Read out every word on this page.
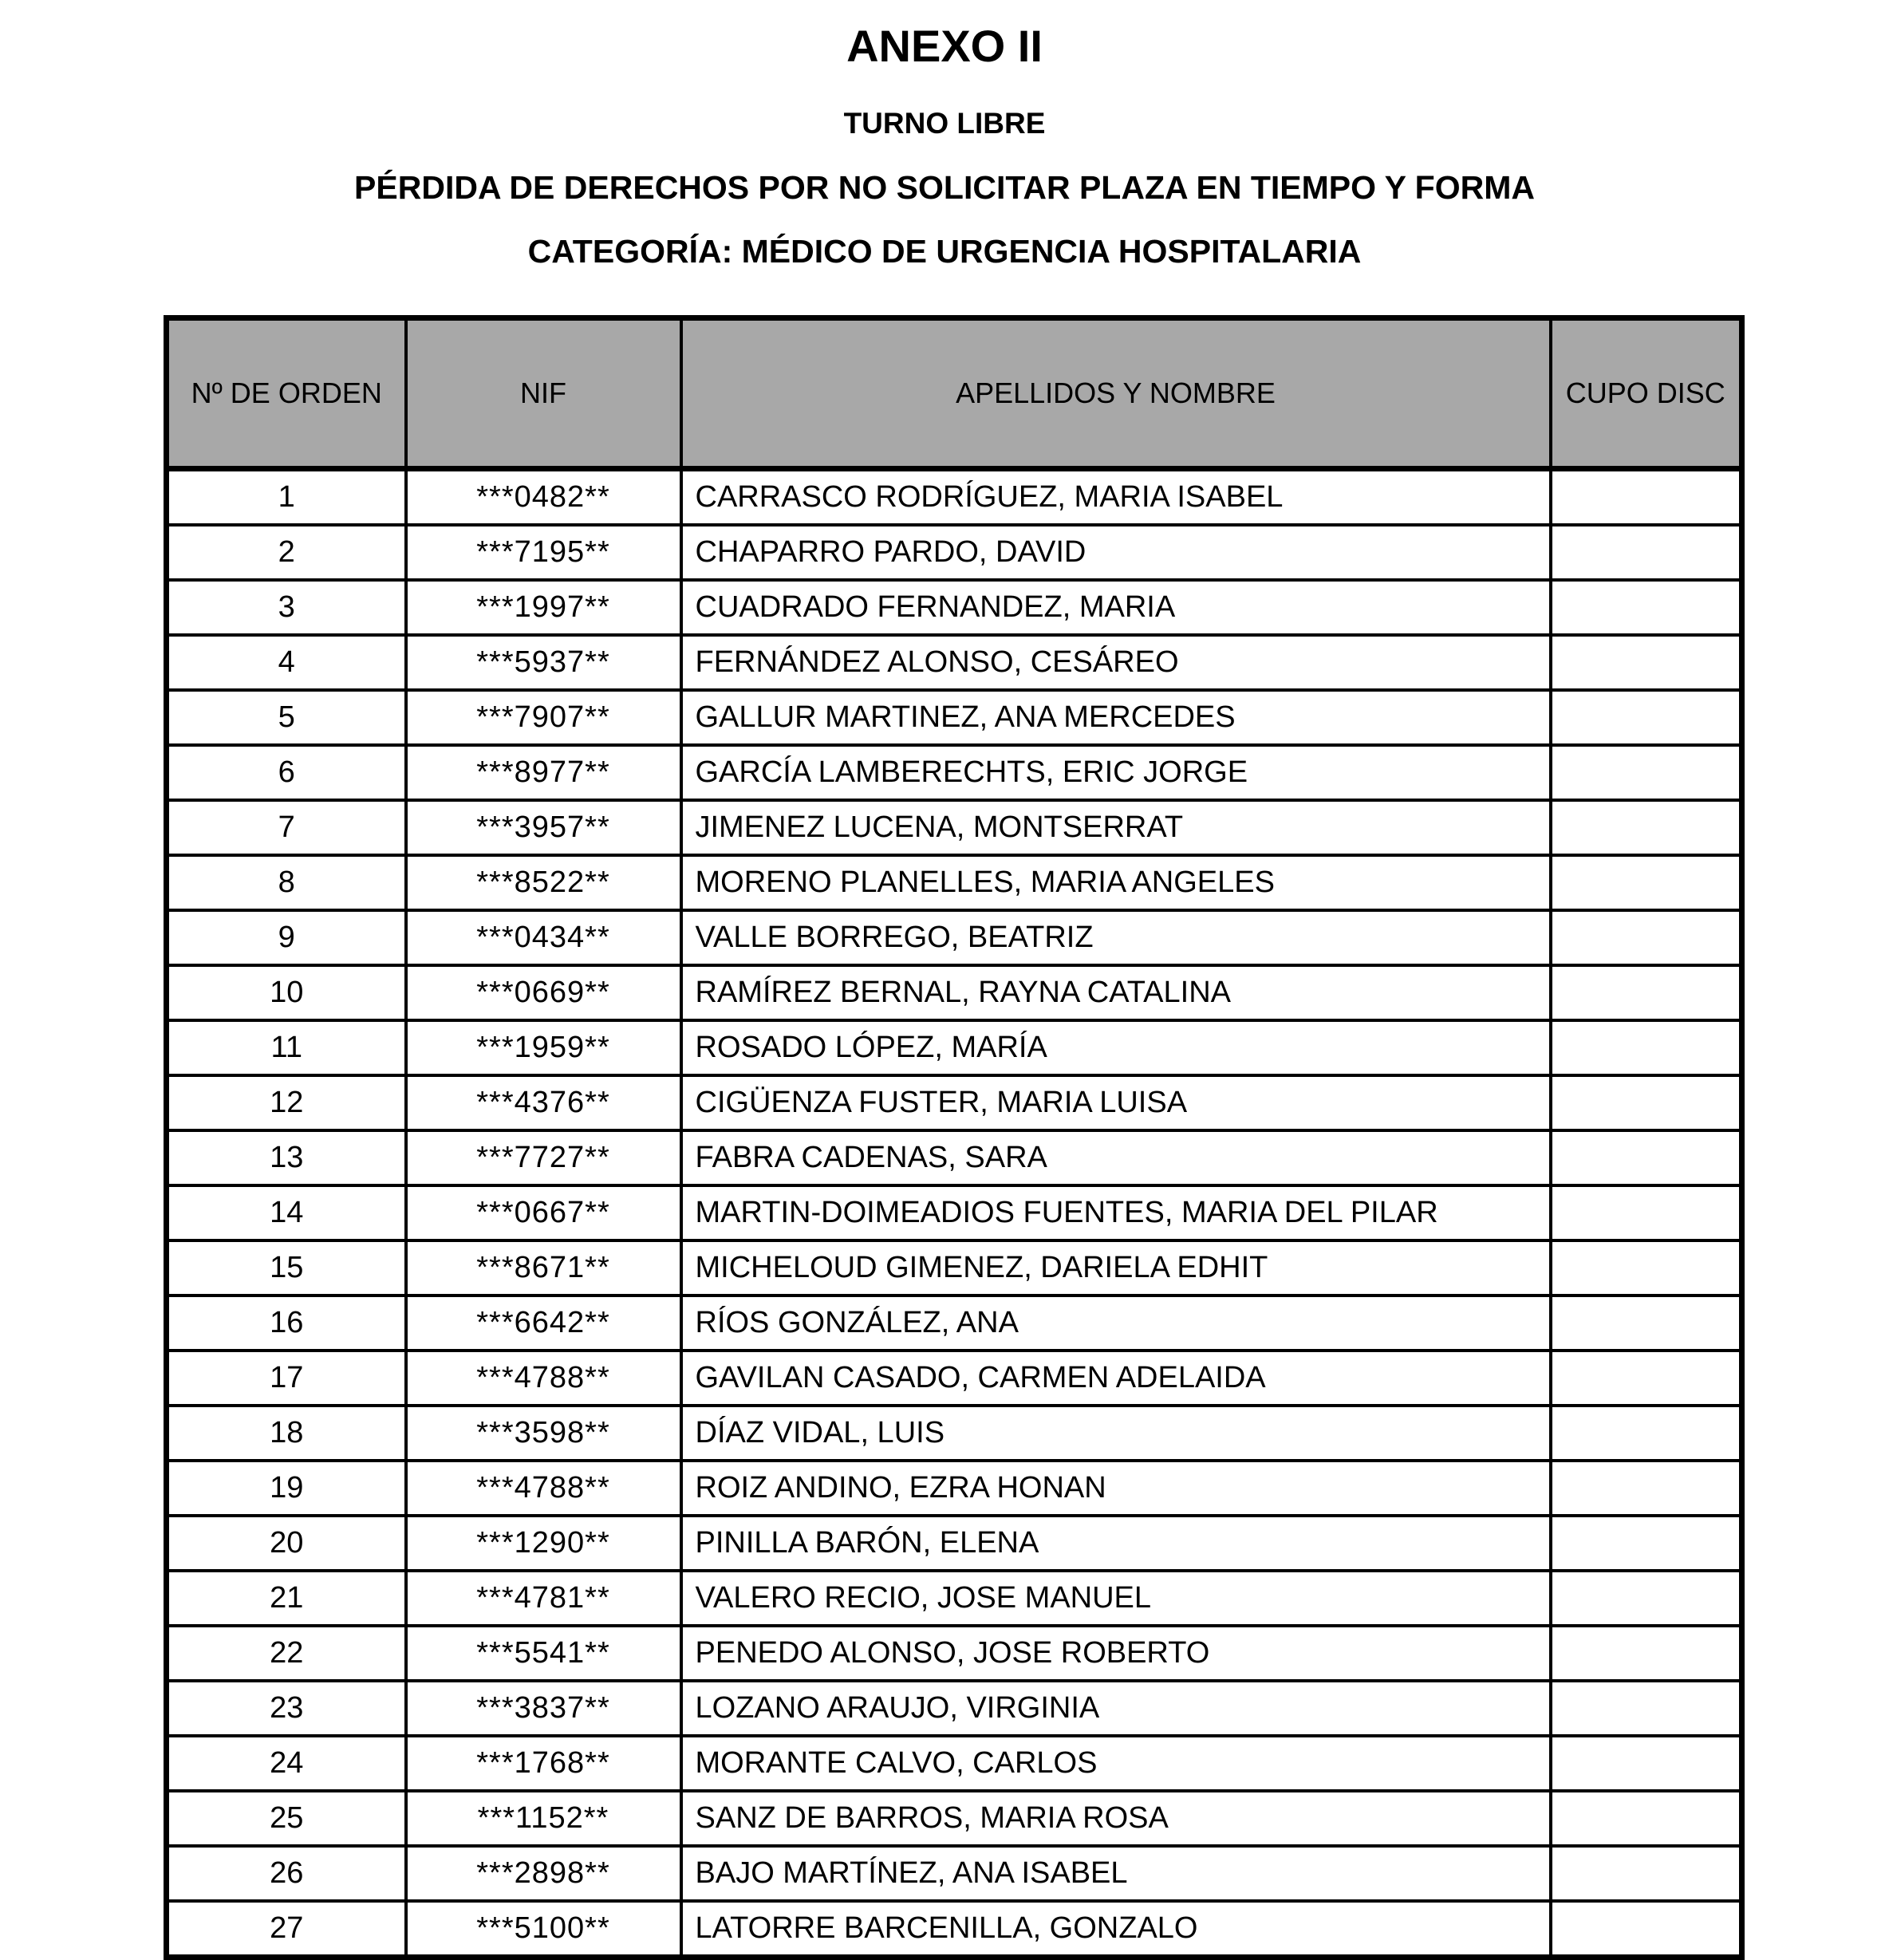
ANEXO II
TURNO LIBRE
PÉRDIDA DE DERECHOS POR NO SOLICITAR PLAZA EN TIEMPO Y FORMA
CATEGORÍA: MÉDICO DE URGENCIA HOSPITALARIA
Nº DE ORDEN	NIF	APELLIDOS Y NOMBRE	CUPO DISC
1	***0482**	CARRASCO RODRÍGUEZ, MARIA ISABEL	
2	***7195**	CHAPARRO PARDO, DAVID	
3	***1997**	CUADRADO FERNANDEZ, MARIA	
4	***5937**	FERNÁNDEZ ALONSO, CESÁREO	
5	***7907**	GALLUR MARTINEZ, ANA MERCEDES	
6	***8977**	GARCÍA LAMBERECHTS, ERIC JORGE	
7	***3957**	JIMENEZ LUCENA, MONTSERRAT	
8	***8522**	MORENO PLANELLES, MARIA ANGELES	
9	***0434**	VALLE BORREGO, BEATRIZ	
10	***0669**	RAMÍREZ BERNAL, RAYNA CATALINA	
11	***1959**	ROSADO LÓPEZ, MARÍA	
12	***4376**	CIGÜENZA FUSTER, MARIA LUISA	
13	***7727**	FABRA CADENAS, SARA	
14	***0667**	MARTIN-DOIMEADIOS FUENTES, MARIA DEL PILAR	
15	***8671**	MICHELOUD GIMENEZ, DARIELA EDHIT	
16	***6642**	RÍOS GONZÁLEZ, ANA	
17	***4788**	GAVILAN CASADO, CARMEN ADELAIDA	
18	***3598**	DÍAZ VIDAL, LUIS	
19	***4788**	ROIZ ANDINO, EZRA HONAN	
20	***1290**	PINILLA BARÓN, ELENA	
21	***4781**	VALERO RECIO, JOSE MANUEL	
22	***5541**	PENEDO ALONSO, JOSE ROBERTO	
23	***3837**	LOZANO ARAUJO, VIRGINIA	
24	***1768**	MORANTE CALVO, CARLOS	
25	***1152**	SANZ DE BARROS, MARIA ROSA	
26	***2898**	BAJO MARTÍNEZ, ANA ISABEL	
27	***5100**	LATORRE BARCENILLA, GONZALO	
